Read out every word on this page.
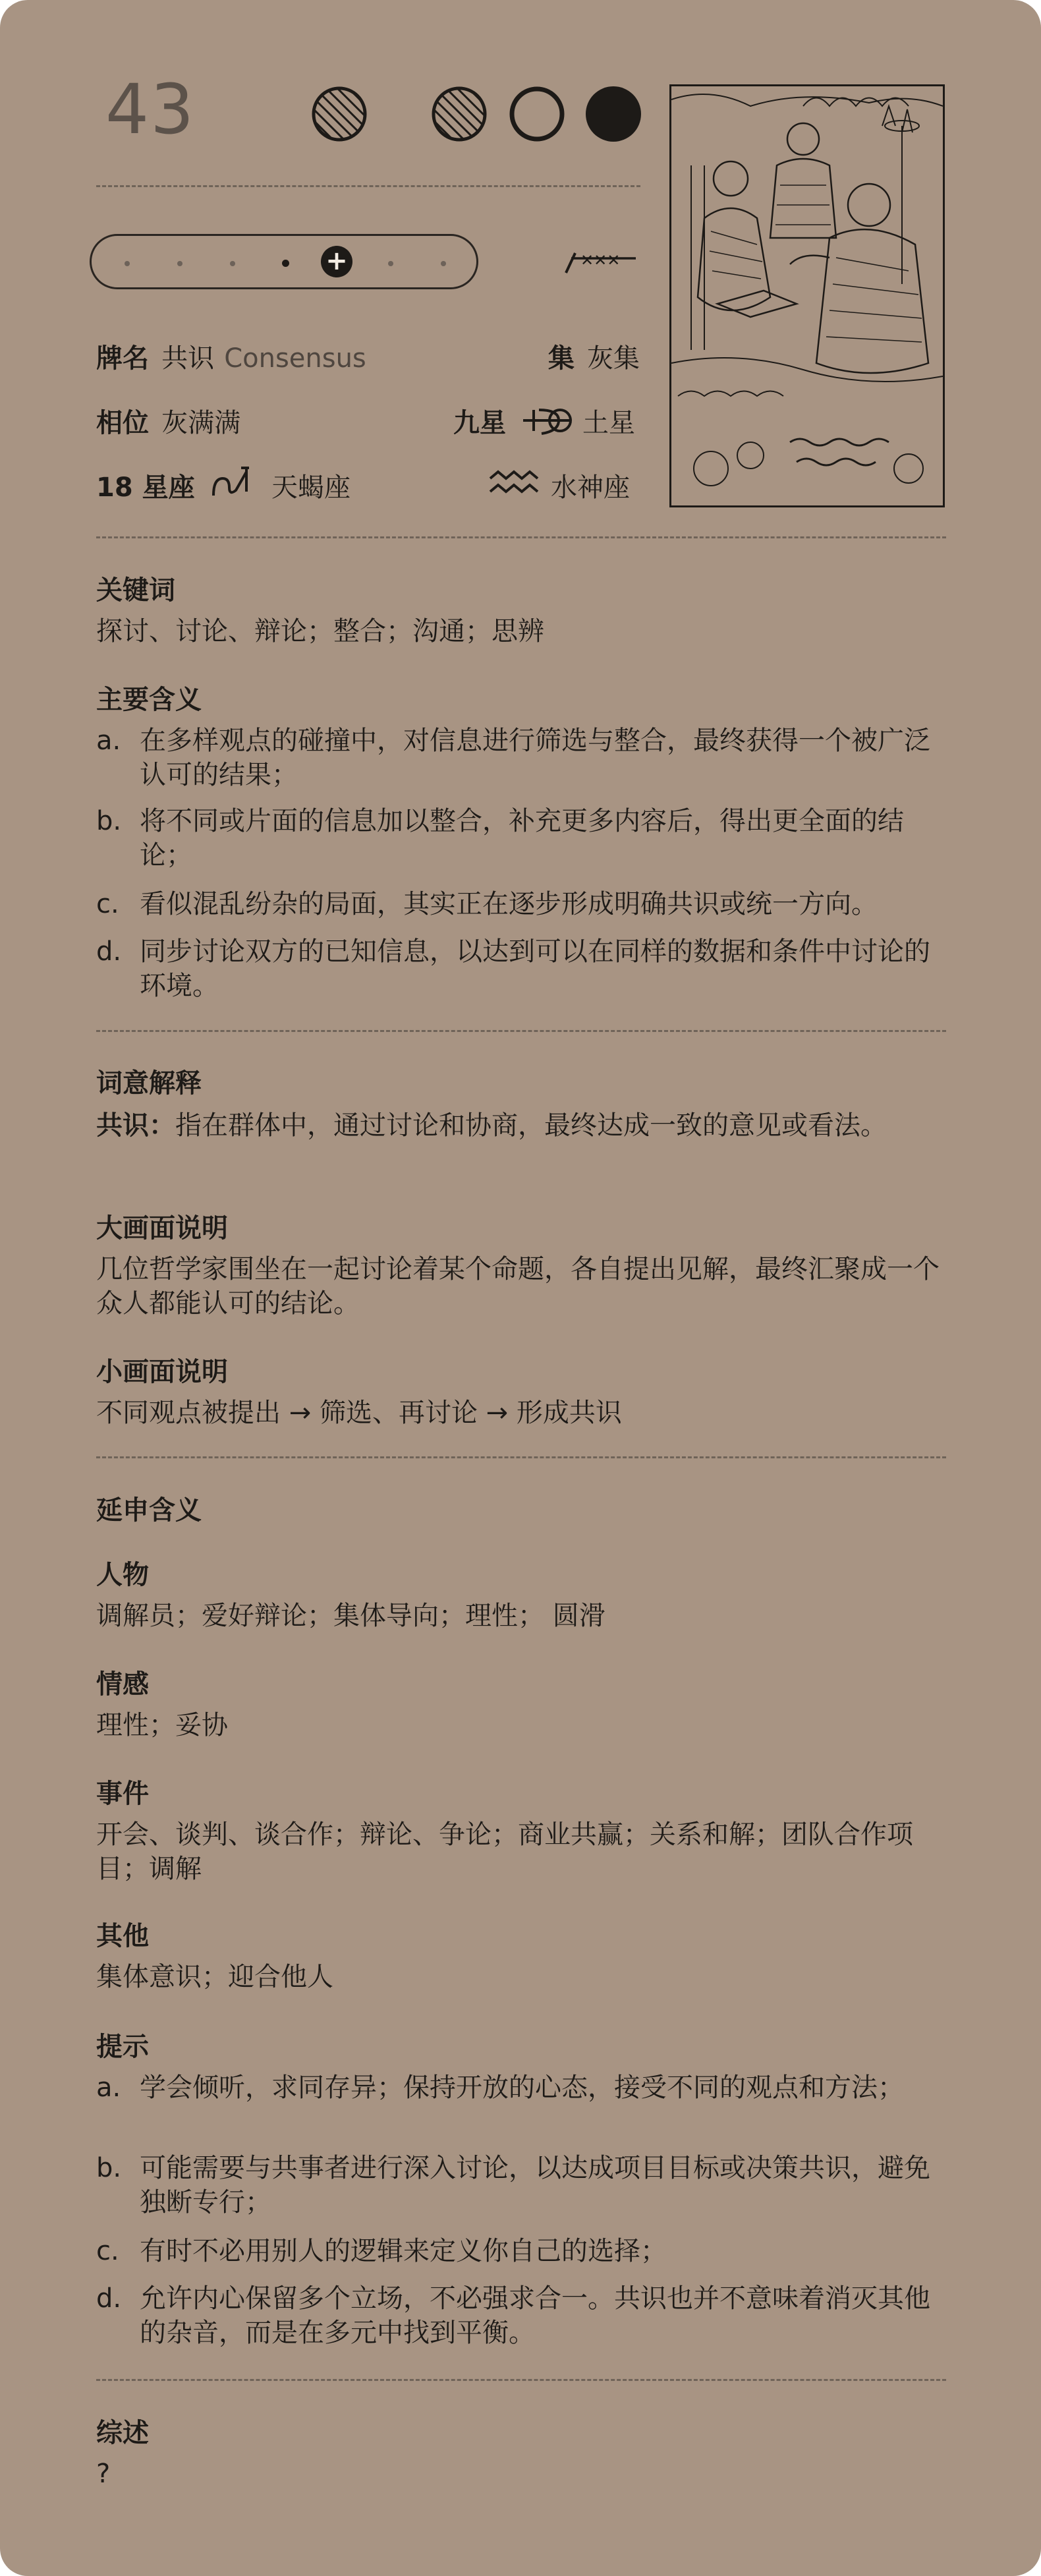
43
+	✕✕✕
牌名 共识 Consensus	集 灰集
相位 灰满满	九星	土星
18 星座	天蝎座	水神座
关键词
探讨、讨论、辩论；整合；沟通；思辨
主要含义
a. 在多样观点的碰撞中，对信息进行筛选与整合，最终获得一个被广泛认可的结果；
b. 将不同或片面的信息加以整合，补充更多内容后，得出更全面的结论；
c. 看似混乱纷杂的局面，其实正在逐步形成明确共识或统一方向。
d. 同步讨论双方的已知信息，以达到可以在同样的数据和条件中讨论的环境。
词意解释
共识：指在群体中，通过讨论和协商，最终达成一致的意见或看法。
大画面说明
几位哲学家围坐在一起讨论着某个命题，各自提出见解，最终汇聚成一个众人都能认可的结论。
小画面说明
不同观点被提出 → 筛选、再讨论 → 形成共识
延申含义
人物
调解员；爱好辩论；集体导向；理性； 圆滑
情感
理性；妥协
事件
开会、谈判、谈合作；辩论、争论；商业共赢；关系和解；团队合作项目；调解
其他
集体意识；迎合他人
提示
a. 学会倾听，求同存异；保持开放的心态，接受不同的观点和方法；
b. 可能需要与共事者进行深入讨论，以达成项目目标或决策共识，避免独断专行；
c. 有时不必用别人的逻辑来定义你自己的选择；
d. 允许内心保留多个立场，不必强求合一。共识也并不意味着消灭其他的杂音，而是在多元中找到平衡。
综述
?
